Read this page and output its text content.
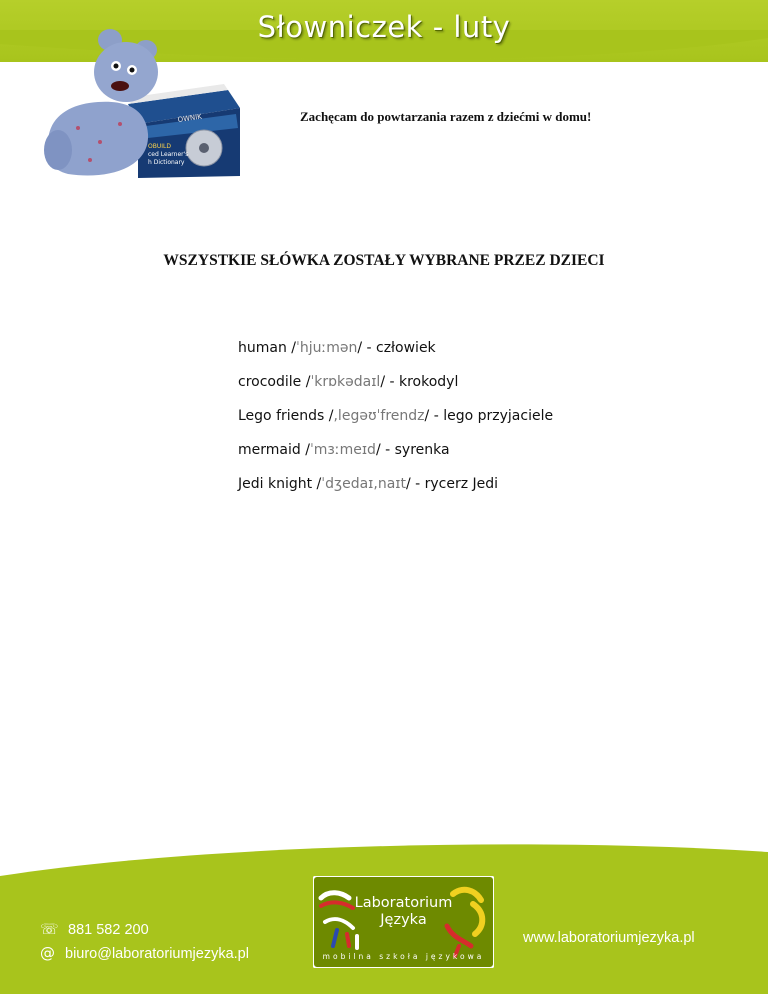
Słowniczek - luty
OWNIK
OBUILD
ced Learner's
h Dictionary
Zachęcam do powtarzania razem z dziećmi w domu!
WSZYSTKIE SŁÓWKA ZOSTAŁY WYBRANE PRZEZ DZIECI
human /ˈhjuːmən/ - człowiek
crocodile /ˈkrɒkədaɪl/ - krokodyl
Lego friends /,legəʊˈfrendz/ - lego przyjaciele
mermaid /ˈmɜːmeɪd/ - syrenka
Jedi knight /ˈdʒedaɪ,naɪt/ - rycerz Jedi
☏ 881 582 200
@ biuro@laboratoriumjezyka.pl
www.laboratoriumjezyka.pl
Laboratorium
Języka
mobilna szkoła językowa
